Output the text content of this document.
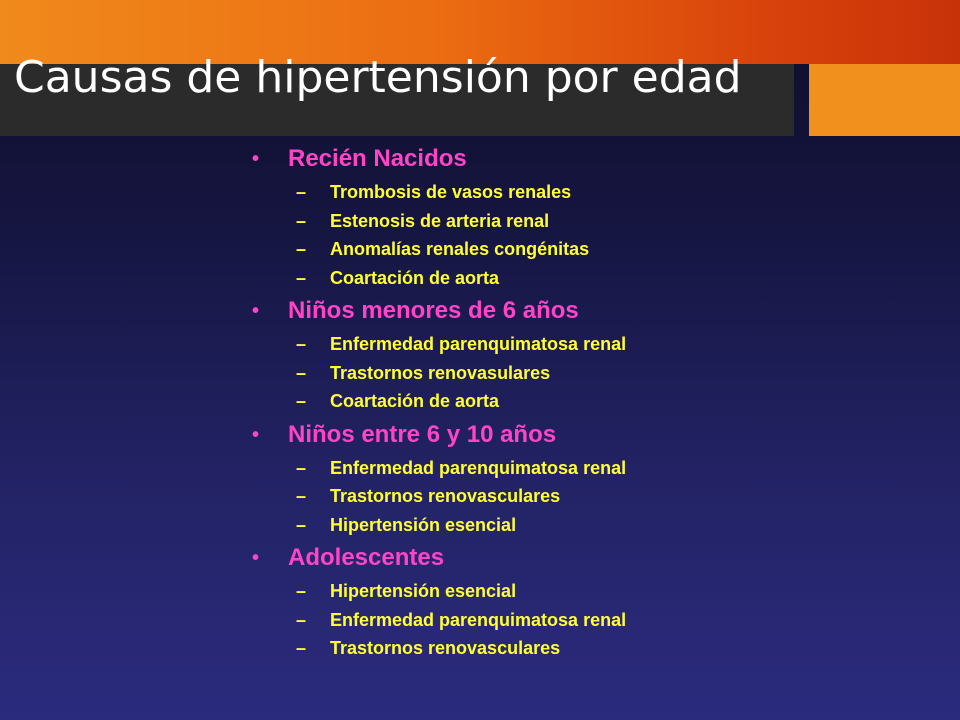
Causas de hipertensión por edad
• Recién Nacidos
– Trombosis de vasos renales
– Estenosis de arteria renal
– Anomalías renales congénitas
– Coartación de aorta
• Niños menores de 6 años
– Enfermedad parenquimatosa renal
– Trastornos renovasulares
– Coartación de aorta
• Niños entre 6 y 10 años
– Enfermedad parenquimatosa renal
– Trastornos renovasculares
– Hipertensión esencial
• Adolescentes
– Hipertensión esencial
– Enfermedad parenquimatosa renal
– Trastornos renovasculares
